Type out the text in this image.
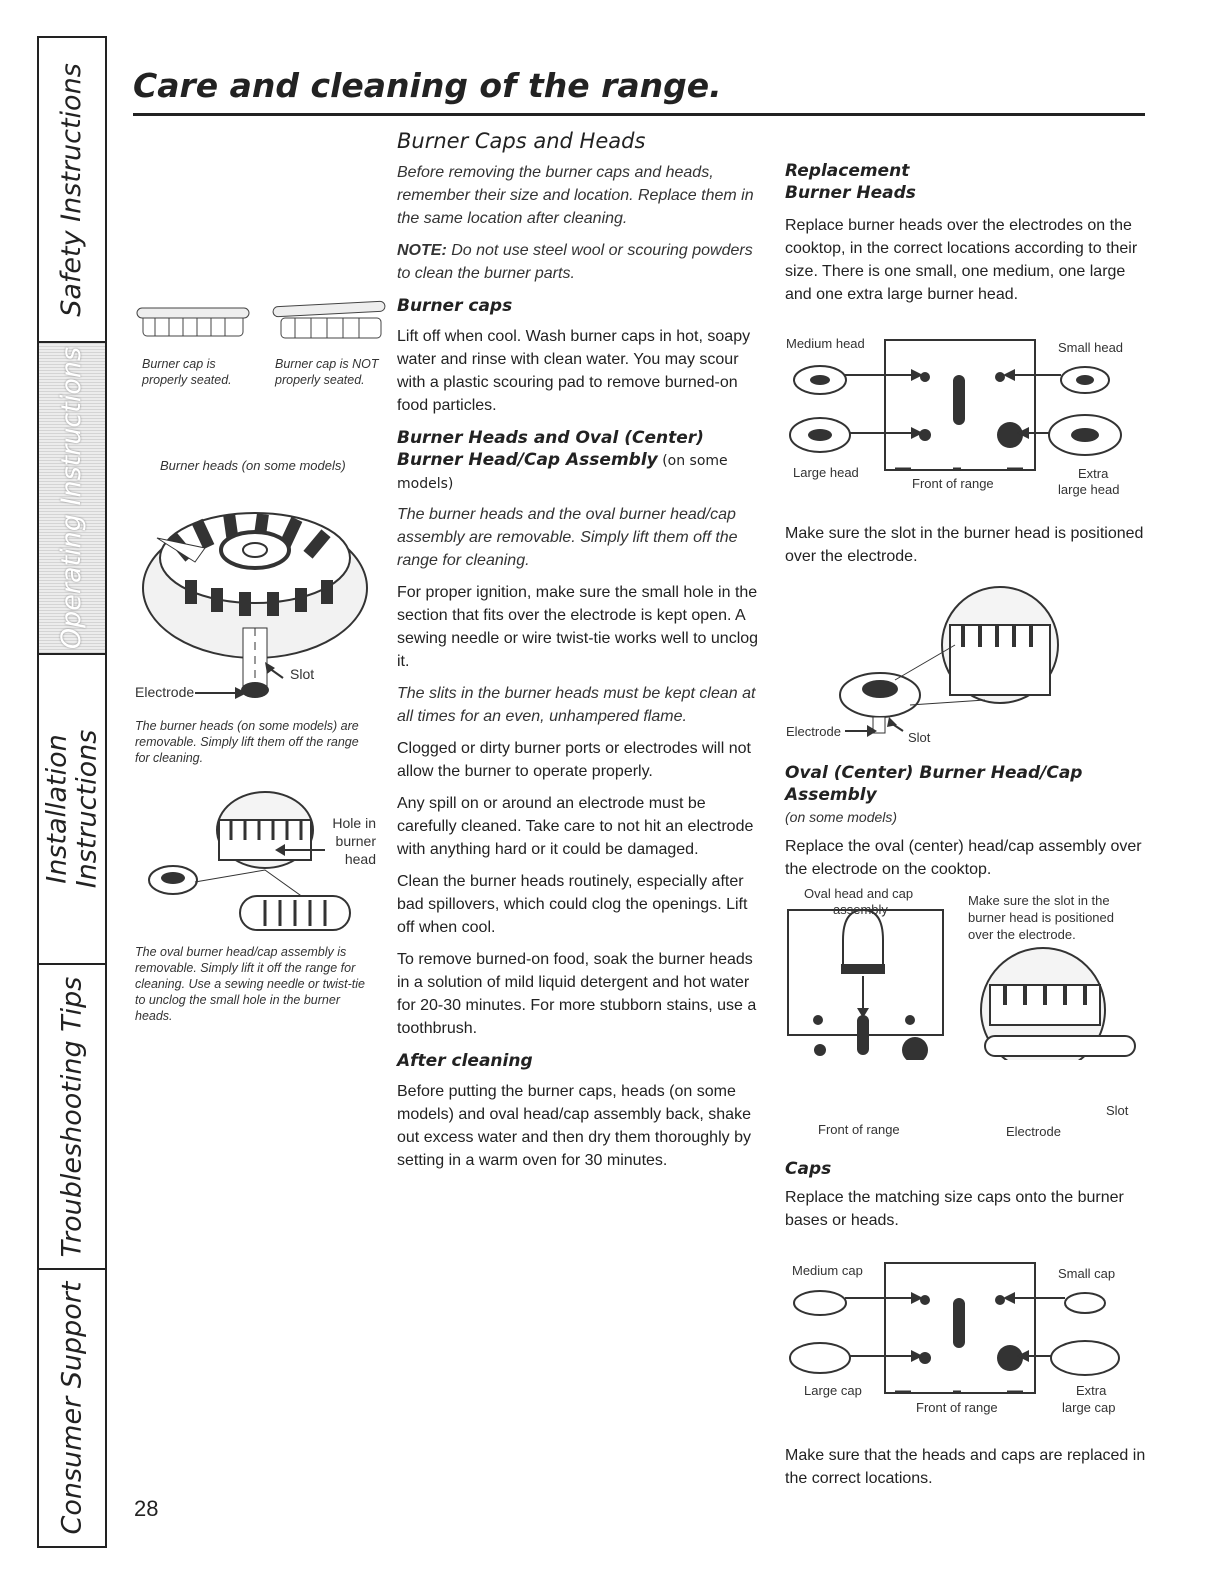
Safety Instructions
Operating Instructions
Installation Instructions
Troubleshooting Tips
Consumer Support
Care and cleaning of the range.
Burner cap is properly seated.
Burner cap is NOT properly seated.
Burner heads (on some models)
Slot
Electrode
The burner heads (on some models) are removable. Simply lift them off the range for cleaning.
Hole in burner head
The oval burner head/cap assembly is removable. Simply lift it off the range for cleaning. Use a sewing needle or twist-tie to unclog the small hole in the burner heads.
Burner Caps and Heads

Before removing the burner caps and heads, remember their size and location. Replace them in the same location after cleaning.

NOTE: Do not use steel wool or scouring powders to clean the burner parts.

Burner caps

Lift off when cool. Wash burner caps in hot, soapy water and rinse with clean water. You may scour with a plastic scouring pad to remove burned-on food particles.

Burner Heads and Oval (Center) Burner Head/Cap Assembly (on some models)

The burner heads and the oval burner head/cap assembly are removable. Simply lift them off the range for cleaning.

For proper ignition, make sure the small hole in the section that fits over the electrode is kept open. A sewing needle or wire twist-tie works well to unclog it.

The slits in the burner heads must be kept clean at all times for an even, unhampered flame.

Clogged or dirty burner ports or electrodes will not allow the burner to operate properly.

Any spill on or around an electrode must be carefully cleaned. Take care to not hit an electrode with anything hard or it could be damaged.

Clean the burner heads routinely, especially after bad spillovers, which could clog the openings. Lift off when cool.

To remove burned-on food, soak the burner heads in a solution of mild liquid detergent and hot water for 20-30 minutes. For more stubborn stains, use a toothbrush.

After cleaning

Before putting the burner caps, heads (on some models) and oval head/cap assembly back, shake out excess water and then dry them thoroughly by setting in a warm oven for 30 minutes.

Replacement
Burner Heads

Replace burner heads over the electrodes on the cooktop, in the correct locations according to their size. There is one small, one medium, one large and one extra large burner head.

Medium head	Small head
Large head
Front of range
Extra
large head

Make sure the slot in the burner head is positioned over the electrode.

Electrode	Slot
Oval (Center) Burner Head/Cap Assembly

(on some models)

Replace the oval (center) head/cap assembly over the electrode on the cooktop.

Oval head and cap
assembly
Make sure the slot in the
burner head is positioned
over the electrode.
Slot
Front of range	Electrode
Caps

Replace the matching size caps onto the burner bases or heads.

Medium cap	Small cap
Large cap
Front of range
Extra
large cap

Make sure that the heads and caps are replaced in the correct locations.

28
